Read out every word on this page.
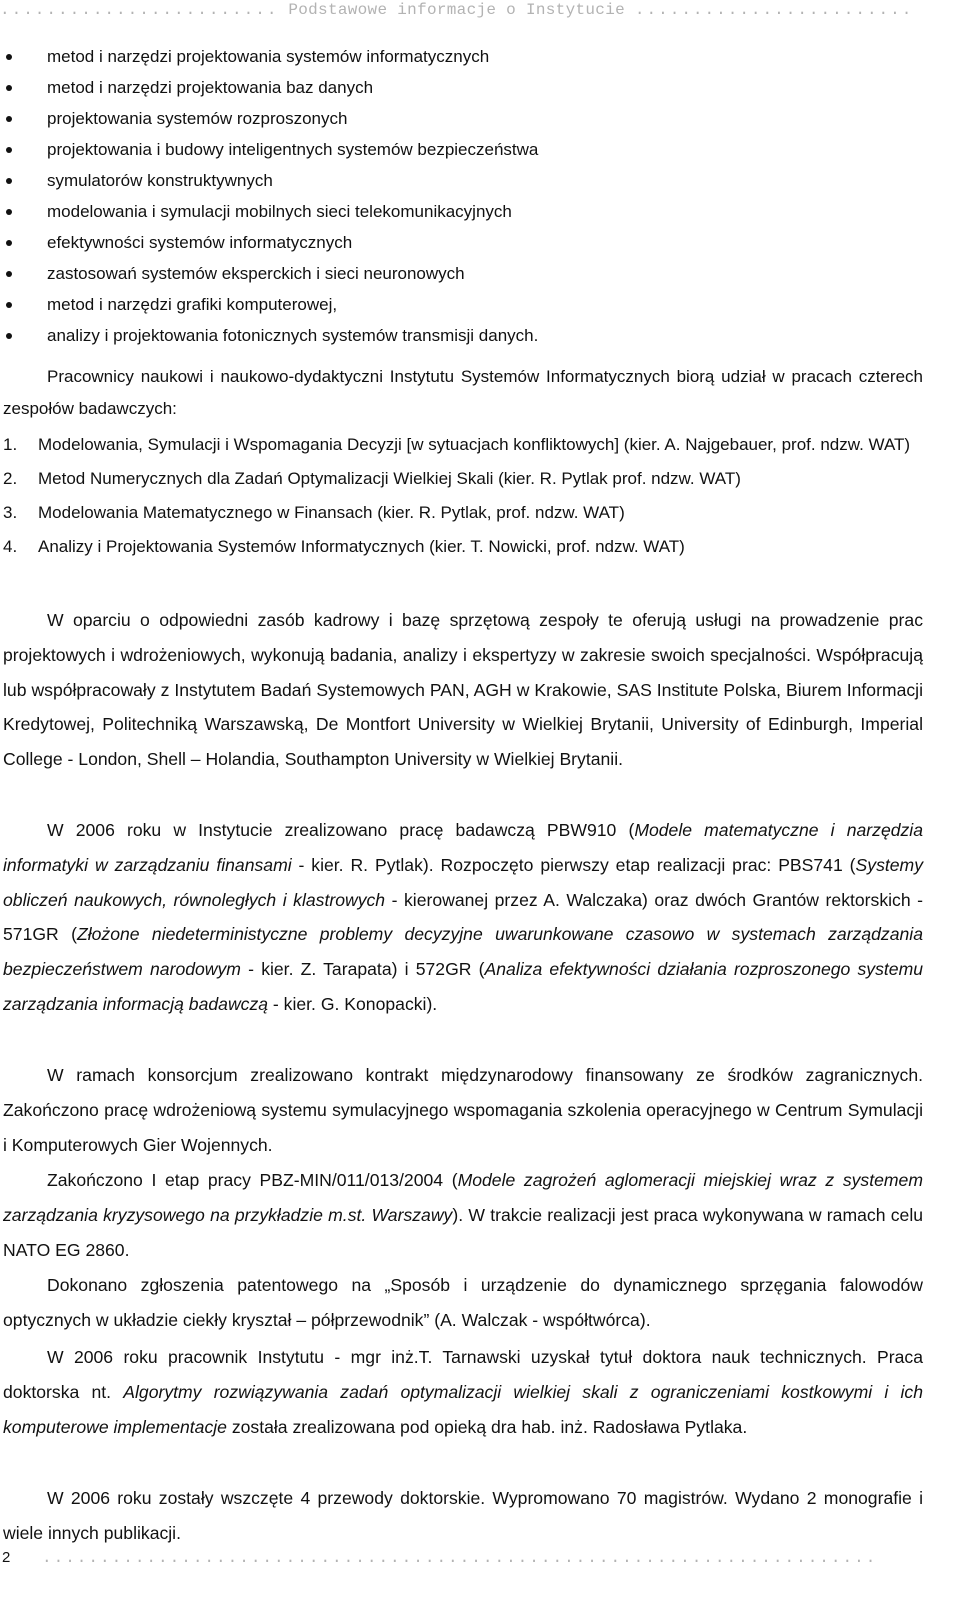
........................ Podstawowe informacje o Instytucie ........................
metod i narzędzi projektowania systemów informatycznych
metod i narzędzi projektowania baz danych
projektowania systemów rozproszonych
projektowania i budowy inteligentnych systemów bezpieczeństwa
symulatorów konstruktywnych
modelowania i symulacji mobilnych sieci telekomunikacyjnych
efektywności systemów informatycznych
zastosowań systemów eksperckich i sieci neuronowych
metod i narzędzi grafiki komputerowej,
analizy i projektowania fotonicznych systemów transmisji danych.

Pracownicy naukowi i naukowo-dydaktyczni Instytutu Systemów Informatycznych biorą udział w pracach czterech zespołów badawczych:

1. Modelowania, Symulacji i Wspomagania Decyzji [w sytuacjach konfliktowych] (kier. A. Najgebauer, prof. ndzw. WAT)
2. Metod Numerycznych dla Zadań Optymalizacji Wielkiej Skali (kier. R. Pytlak prof. ndzw. WAT)
3. Modelowania Matematycznego w Finansach (kier. R. Pytlak, prof. ndzw. WAT)
4. Analizy i Projektowania Systemów Informatycznych (kier. T. Nowicki, prof. ndzw. WAT)

W oparciu o odpowiedni zasób kadrowy i bazę sprzętową zespoły te oferują usługi na prowadzenie prac projektowych i wdrożeniowych, wykonują badania, analizy i ekspertyzy w zakresie swoich specjalności. Współpracują lub współpracowały z Instytutem Badań Systemowych PAN, AGH w Krakowie, SAS Institute Polska, Biurem Informacji Kredytowej, Politechniką Warszawską, De Montfort University w Wielkiej Brytanii, University of Edinburgh, Imperial College - London, Shell – Holandia, Southampton University w Wielkiej Brytanii.

W 2006 roku w Instytucie zrealizowano pracę badawczą PBW910 (Modele matematyczne i narzędzia informatyki w zarządzaniu finansami - kier. R. Pytlak). Rozpoczęto pierwszy etap realizacji prac: PBS741 (Systemy obliczeń naukowych, równoległych i klastrowych - kierowanej przez A. Walczaka) oraz dwóch Grantów rektorskich - 571GR (Złożone niedeterministyczne problemy decyzyjne uwarunkowane czasowo w systemach zarządzania bezpieczeństwem narodowym - kier. Z. Tarapata) i 572GR (Analiza efektywności działania rozproszonego systemu zarządzania informacją badawczą - kier. G. Konopacki).

W ramach konsorcjum zrealizowano kontrakt międzynarodowy finansowany ze środków zagranicznych. Zakończono pracę wdrożeniową systemu symulacyjnego wspomagania szkolenia operacyjnego w Centrum Symulacji i Komputerowych Gier Wojennych.

Zakończono I etap pracy PBZ-MIN/011/013/2004 (Modele zagrożeń aglomeracji miejskiej wraz z systemem zarządzania kryzysowego na przykładzie m.st. Warszawy). W trakcie realizacji jest praca wykonywana w ramach celu NATO EG 2860.

Dokonano zgłoszenia patentowego na „Sposób i urządzenie do dynamicznego sprzęgania falowodów optycznych w układzie ciekły kryształ – półprzewodnik” (A. Walczak - współtwórca).

W 2006 roku pracownik Instytutu - mgr inż.T. Tarnawski uzyskał tytuł doktora nauk technicznych. Praca doktorska nt. Algorytmy rozwiązywania zadań optymalizacji wielkiej skali z ograniczeniami kostkowymi i ich komputerowe implementacje została zrealizowana pod opieką dra hab. inż. Radosława Pytlaka.

W 2006 roku zostały wszczęte 4 przewody doktorskie. Wypromowano 70 magistrów. Wydano 2 monografie i wiele innych publikacji.

2 ........................................................................
